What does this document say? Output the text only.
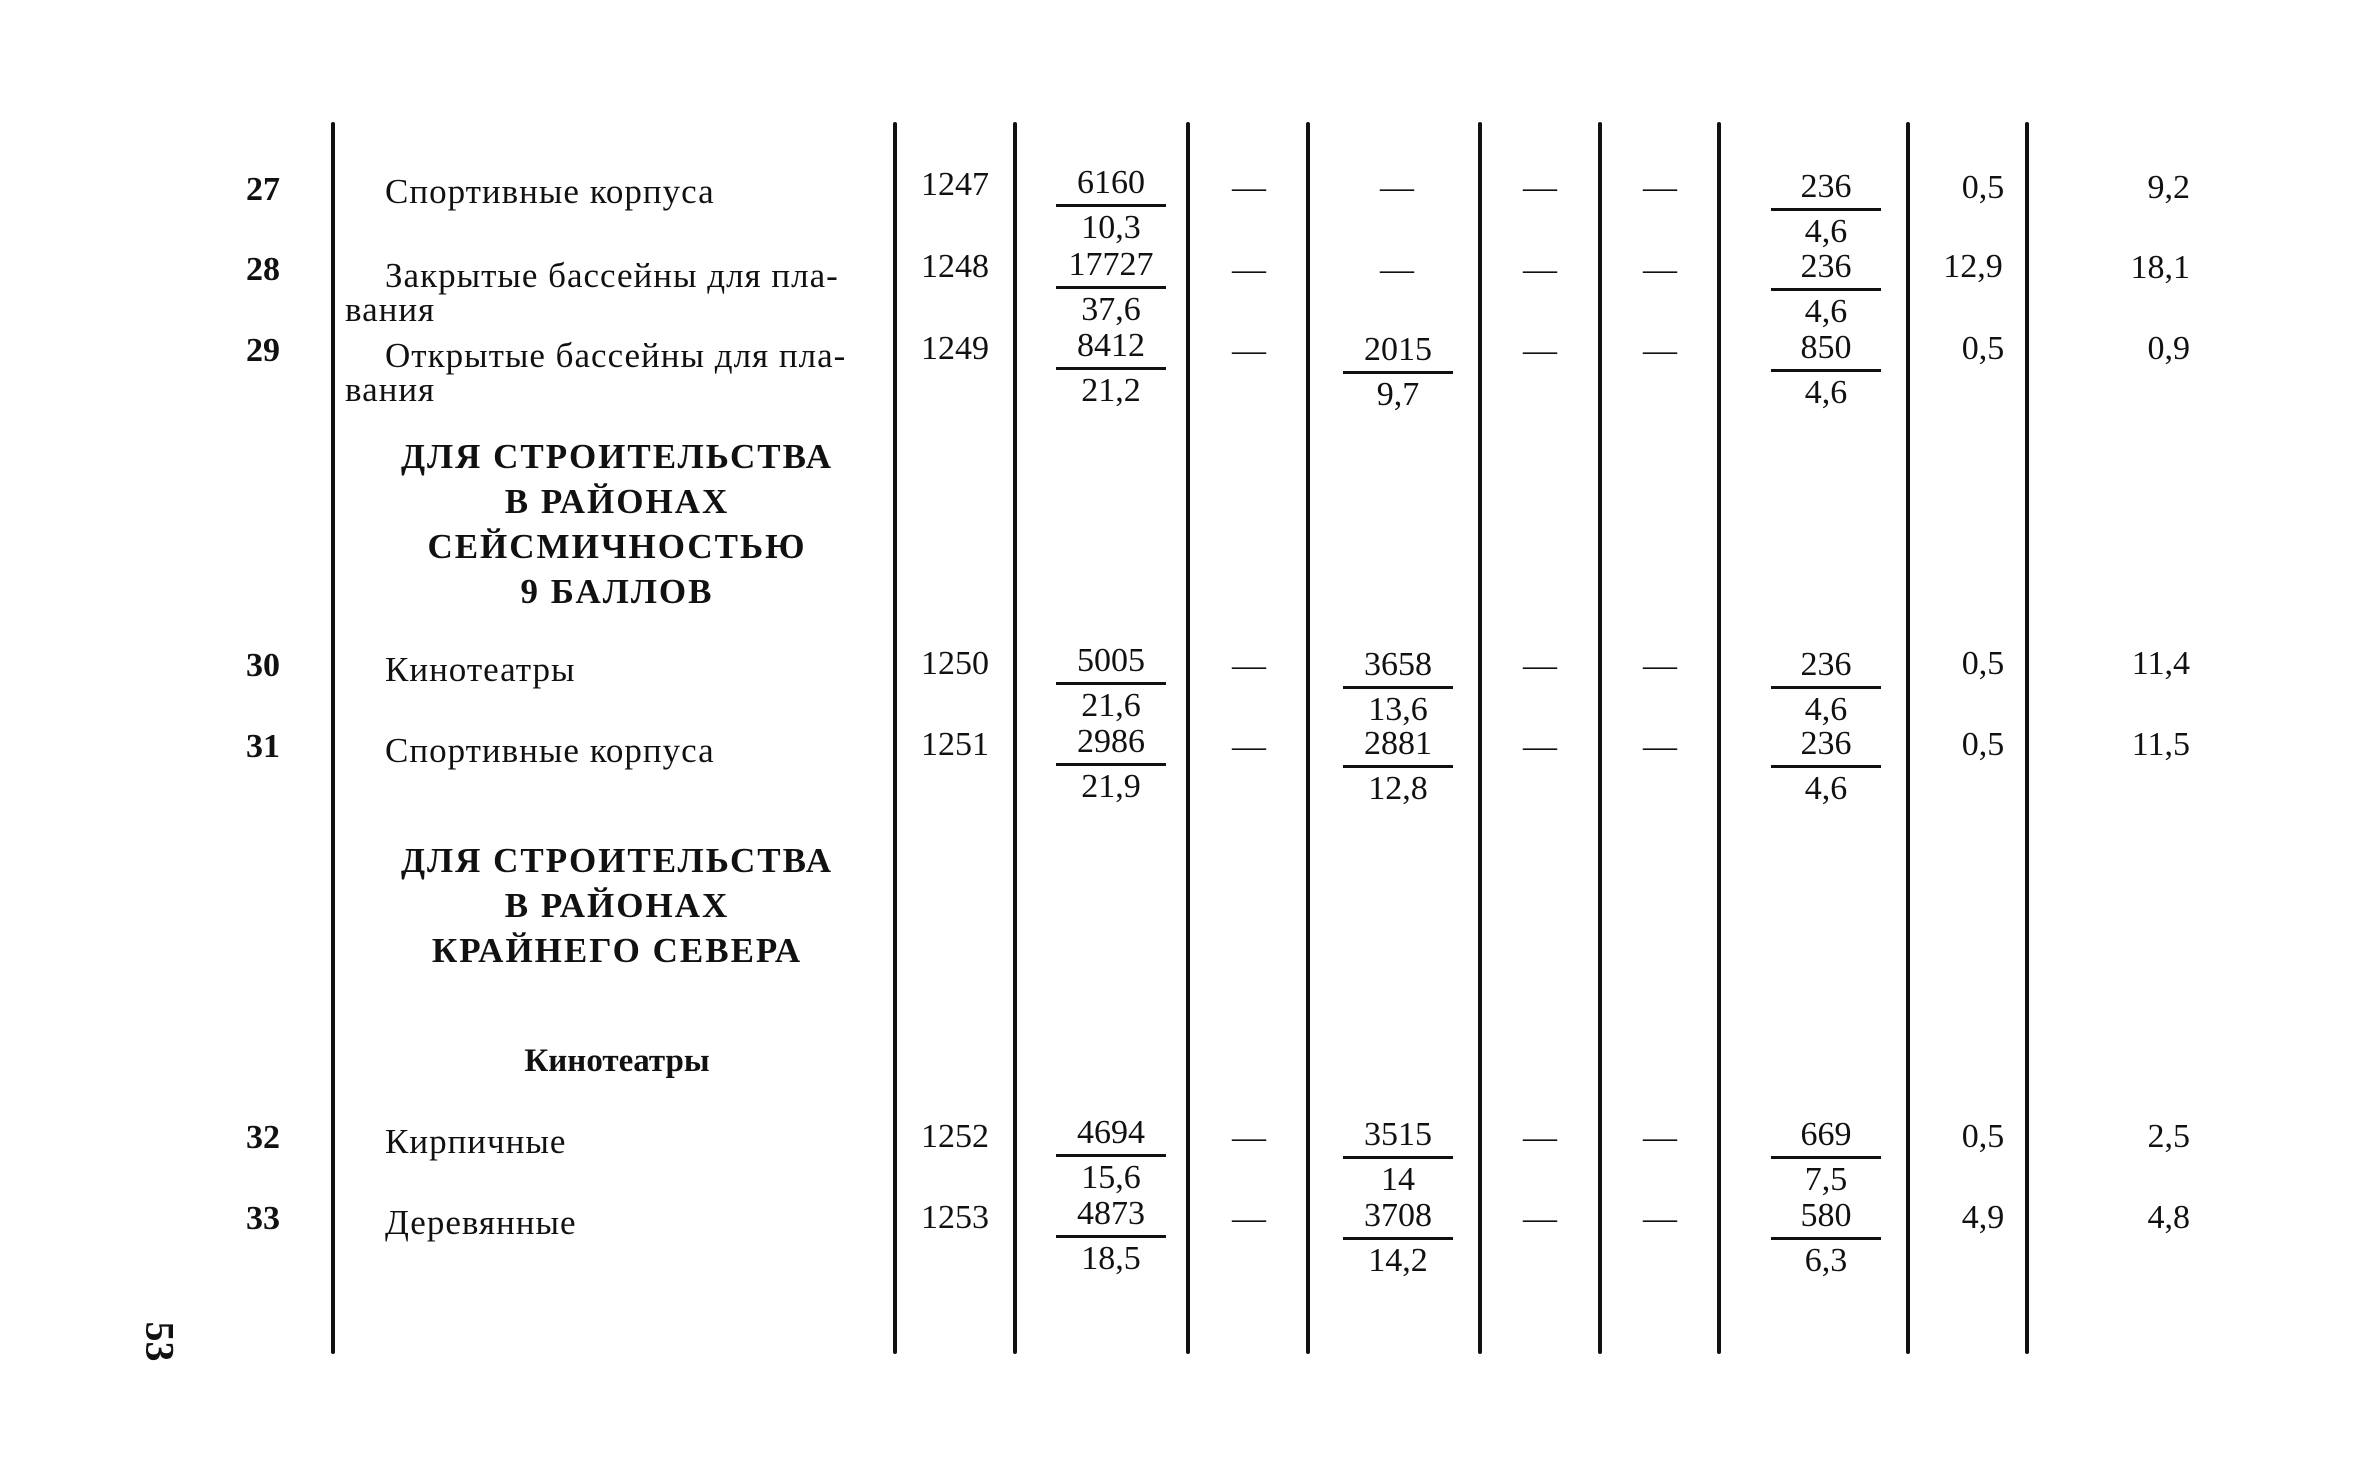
27	Спортивные корпуса	1247	$\frac{6160}{10,3}$	—	—	—	—	$\frac{236}{4,6}$	0,5	9,2
28	Закрытые бассейны для пла-
вания
1248	$\frac{17727}{37,6}$	—	—	—	—	$\frac{236}{4,6}$	12,9	18,1
29	Открытые бассейны для пла-
вания
1249	$\frac{8412}{21,2}$	—	$\frac{2015}{9,7}$	—	—	$\frac{850}{4,6}$	0,5	0,9
ДЛЯ СТРОИТЕЛЬСТВА
В РАЙОНАХ
СЕЙСМИЧНОСТЬЮ
9 БАЛЛОВ
30	Кинотеатры	1250	$\frac{5005}{21,6}$	—	$\frac{3658}{13,6}$	—	—	$\frac{236}{4,6}$	0,5	11,4
31	Спортивные корпуса	1251	$\frac{2986}{21,9}$	—	$\frac{2881}{12,8}$	—	—	$\frac{236}{4,6}$	0,5	11,5
ДЛЯ СТРОИТЕЛЬСТВА
В РАЙОНАХ
КРАЙНЕГО СЕВЕРА
Кинотеатры
32	Кирпичные	1252	$\frac{4694}{15,6}$	—	$\frac{3515}{14}$	—	—	$\frac{669}{7,5}$	0,5	2,5
33	Деревянные	1253	$\frac{4873}{18,5}$	—	$\frac{3708}{14,2}$	—	—	$\frac{580}{6,3}$	4,9	4,8
53
